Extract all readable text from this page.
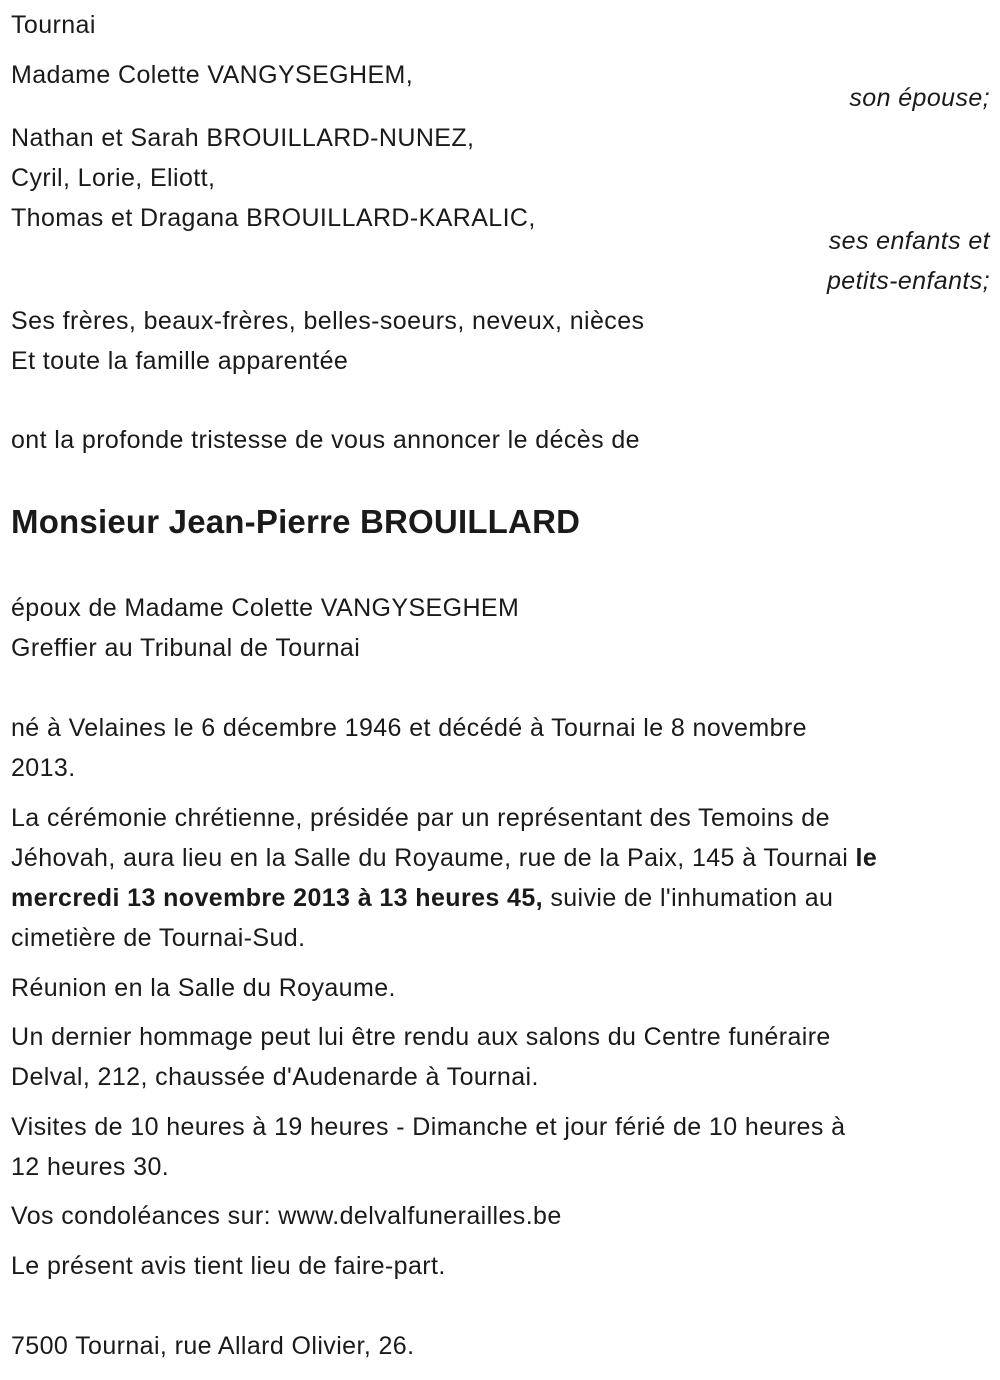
Tournai
Madame Colette VANGYSEGHEM,
son épouse;
Nathan et Sarah BROUILLARD-NUNEZ,
Cyril, Lorie, Eliott,
Thomas et Dragana BROUILLARD-KARALIC,
ses enfants et
petits-enfants;
Ses frères, beaux-frères, belles-soeurs, neveux, nièces
Et toute la famille apparentée
ont la profonde tristesse de vous annoncer le décès de
Monsieur Jean-Pierre BROUILLARD
époux de Madame Colette VANGYSEGHEM
Greffier au Tribunal de Tournai
né à Velaines le 6 décembre 1946 et décédé à Tournai le 8 novembre
2013.
La cérémonie chrétienne, présidée par un représentant des Temoins de
Jéhovah, aura lieu en la Salle du Royaume, rue de la Paix, 145 à Tournai le
mercredi 13 novembre 2013 à 13 heures 45, suivie de l'inhumation au
cimetière de Tournai-Sud.
Réunion en la Salle du Royaume.
Un dernier hommage peut lui être rendu aux salons du Centre funéraire
Delval, 212, chaussée d'Audenarde à Tournai.
Visites de 10 heures à 19 heures - Dimanche et jour férié de 10 heures à
12 heures 30.
Vos condoléances sur: www.delvalfunerailles.be
Le présent avis tient lieu de faire-part.
7500 Tournai, rue Allard Olivier, 26.
